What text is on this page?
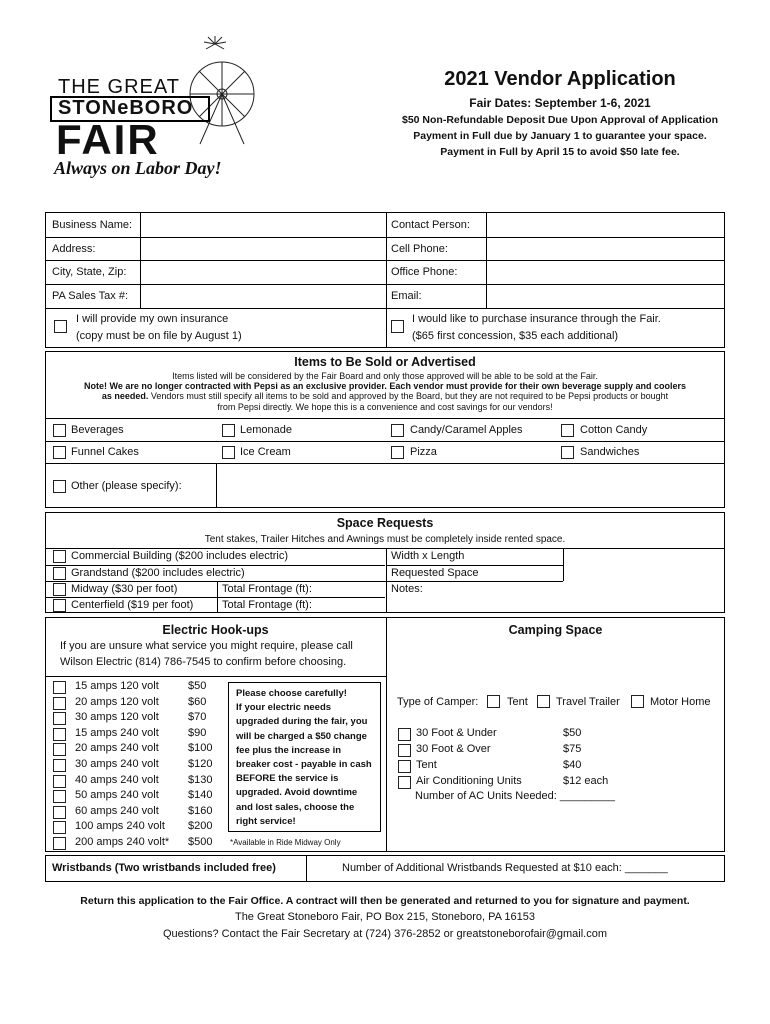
THE GREAT
STONeBORO
FAIR
Always on Labor Day!
2021 Vendor Application
Fair Dates: September 1-6, 2021
$50 Non-Refundable Deposit Due Upon Approval of Application
Payment in Full due by January 1 to guarantee your space.
Payment in Full by April 15 to avoid $50 late fee.
Business Name:	Contact Person:
Address:	Cell Phone:
City, State, Zip:	Office Phone:
PA Sales Tax #:	Email:
I will provide my own insurance
(copy must be on file by August 1)
I would like to purchase insurance through the Fair.
($65 first concession, $35 each additional)
Items to Be Sold or Advertised
Items listed will be considered by the Fair Board and only those approved will be able to be sold at the Fair.
Note! We are no longer contracted with Pepsi as an exclusive provider. Each vendor must provide for their own beverage supply and coolers
as needed. Vendors must still specify all items to be sold and approved by the Board, but they are not required to be Pepsi products or bought
from Pepsi directly. We hope this is a convenience and cost savings for our vendors!
Beverages	Lemonade	Candy/Caramel Apples	Cotton Candy
Funnel Cakes	Ice Cream	Pizza	Sandwiches
Other (please specify):
Space Requests
Tent stakes, Trailer Hitches and Awnings must be completely inside rented space.
Commercial Building ($200 includes electric)
Grandstand ($200 includes electric)
Midway ($30 per foot)	Total Frontage (ft):
Centerfield ($19 per foot)	Total Frontage (ft):
Width x Length
Requested Space
Notes:
Electric Hook-ups
If you are unsure what service you might require, please call
Wilson Electric (814) 786-7545 to confirm before choosing.
15 amps 120 volt	$50
20 amps 120 volt	$60
30 amps 120 volt	$70
15 amps 240 volt	$90
20 amps 240 volt	$100
30 amps 240 volt	$120
40 amps 240 volt	$130
50 amps 240 volt	$140
60 amps 240 volt	$160
100 amps 240 volt $200
200 amps 240 volt* $500
Please choose carefully!
If your electric needs
upgraded during the fair, you
will be charged a $50 change
fee plus the increase in
breaker cost - payable in cash
BEFORE the service is
upgraded. Avoid downtime
and lost sales, choose the
right service!
*Available in Ride Midway Only
Camping Space
Type of Camper:	Tent	Travel Trailer	Motor Home
30 Foot & Under	$50
30 Foot & Over	$75
Tent	$40
Air Conditioning Units	$12 each
Number of AC Units Needed: _________
Wristbands (Two wristbands included free)	Number of Additional Wristbands Requested at $10 each: _______
Return this application to the Fair Office. A contract will then be generated and returned to you for signature and payment.
The Great Stoneboro Fair, PO Box 215, Stoneboro, PA 16153
Questions? Contact the Fair Secretary at (724) 376-2852 or greatstoneborofair@gmail.com
